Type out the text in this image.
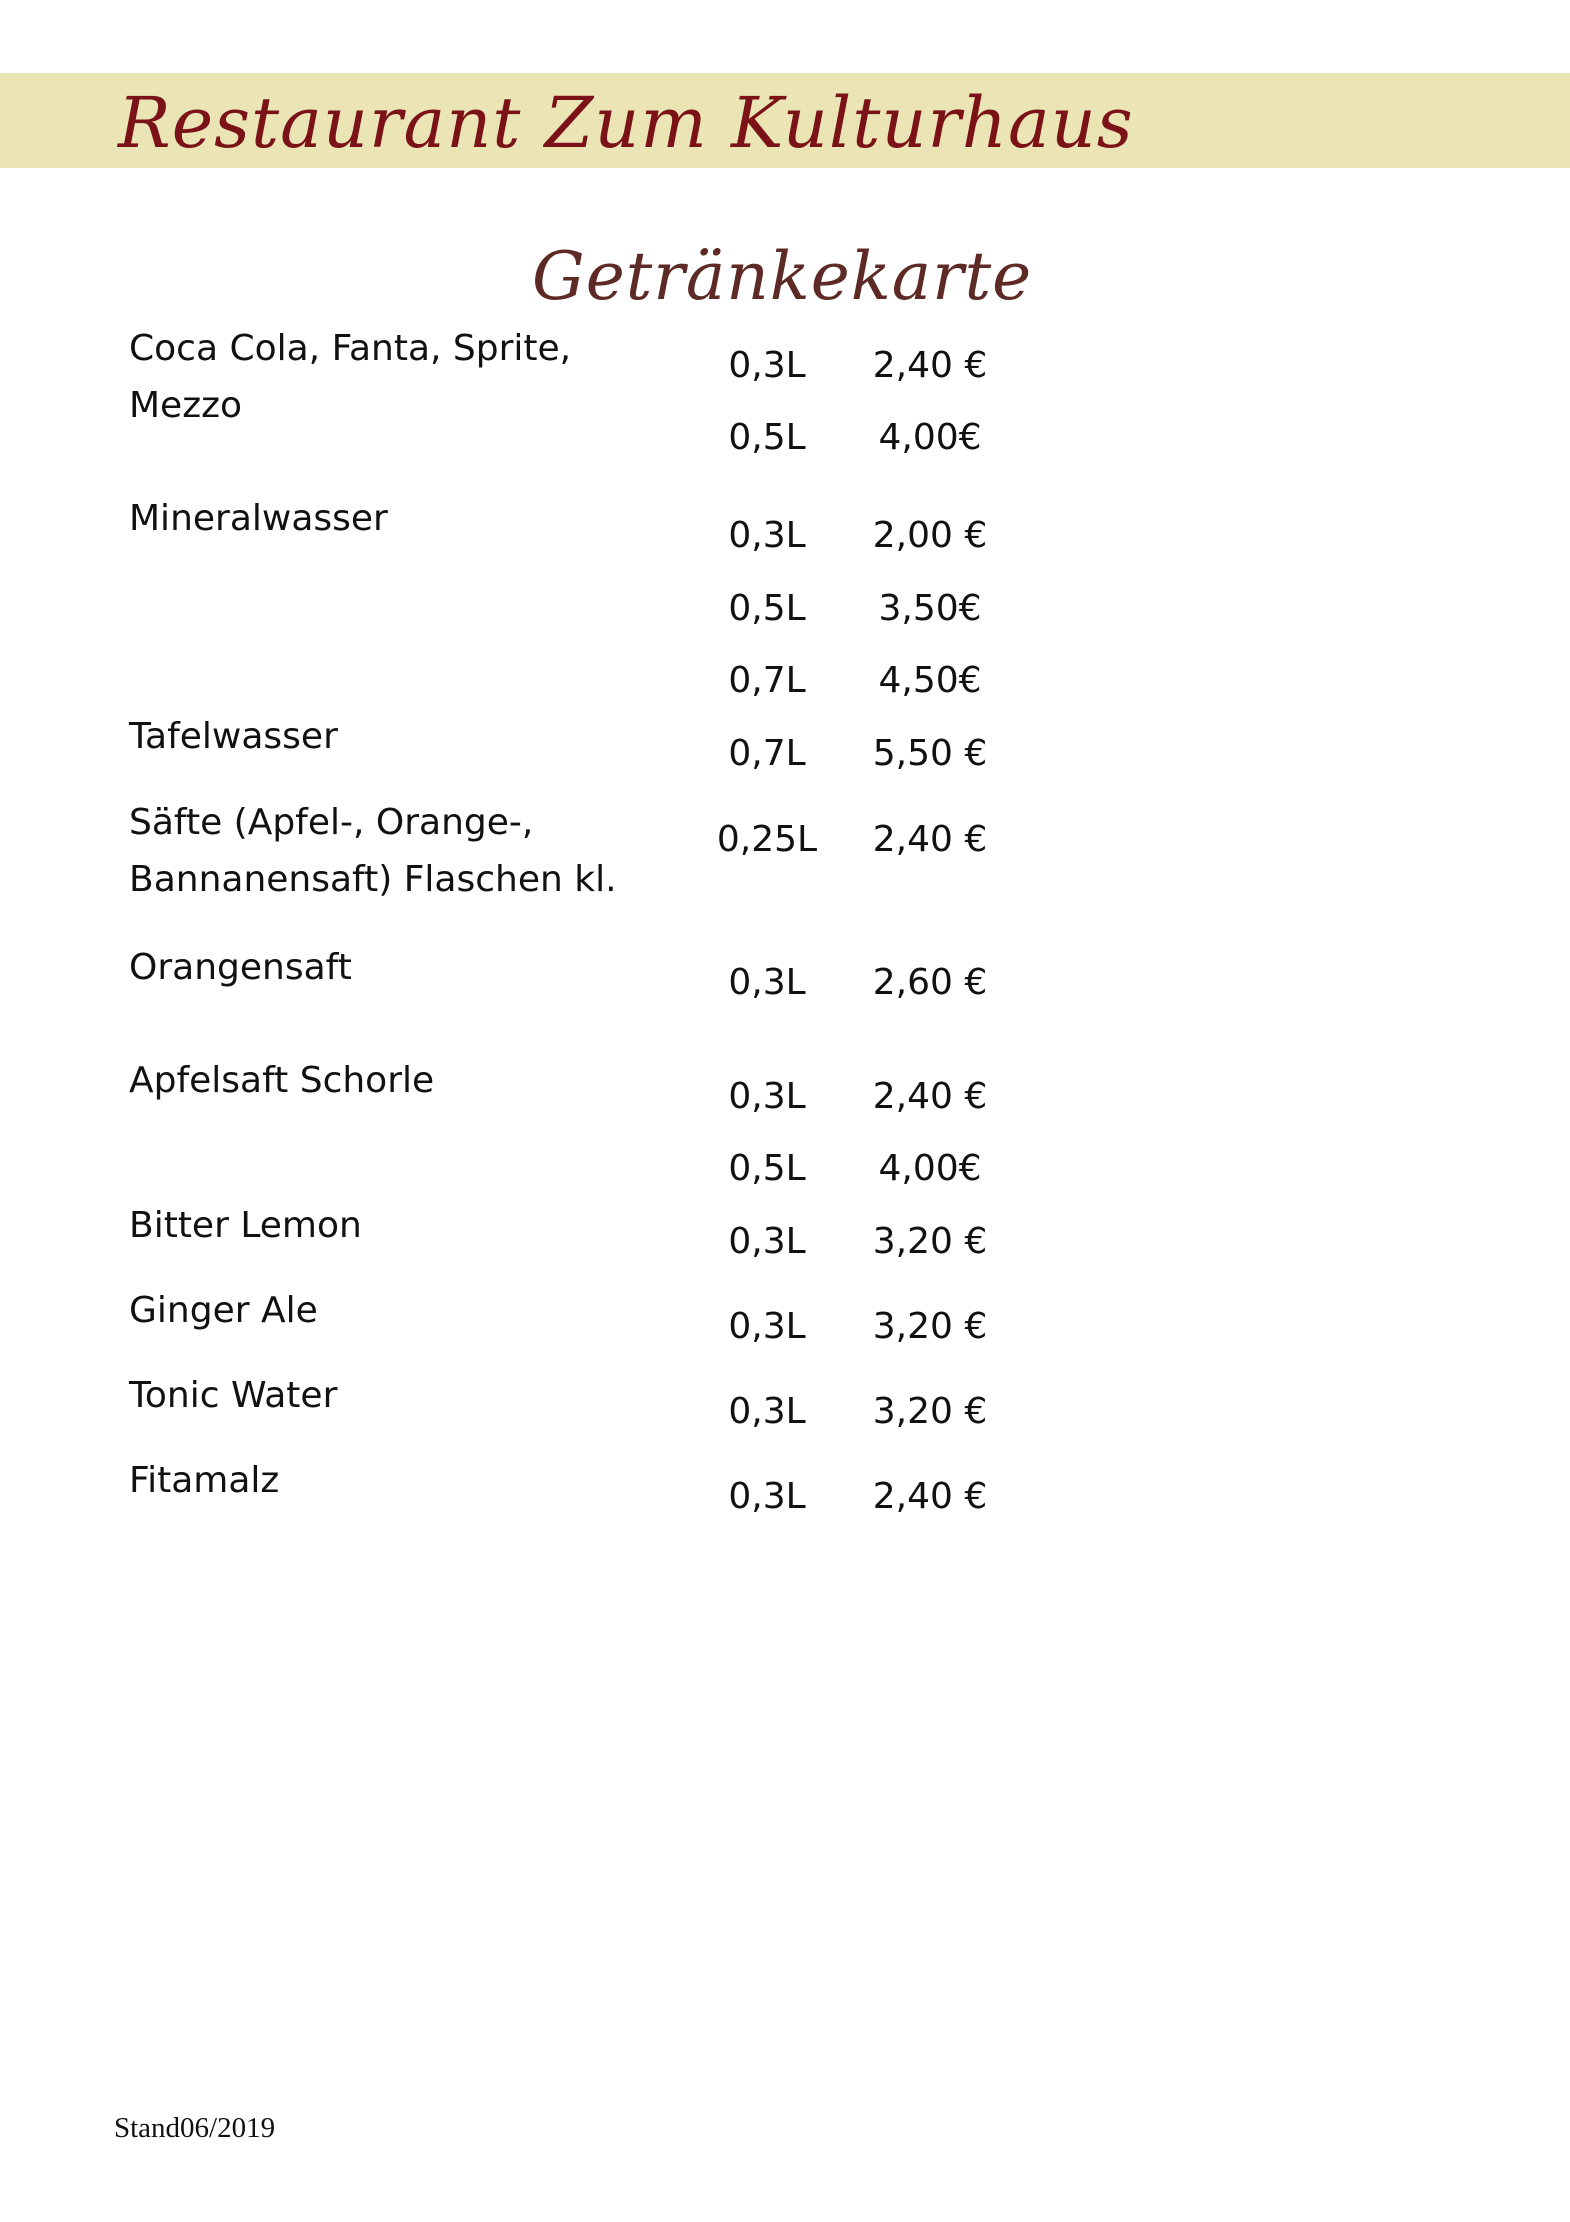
Restaurant Zum Kulturhaus
Getränkekarte
Coca Cola, Fanta, Sprite,
Mezzo
0,3L	2,40 €
0,5L	4,00€
Mineralwasser	0,3L	2,00 €
0,5L	3,50€
0,7L	4,50€
Tafelwasser	0,7L	5,50 €
Säfte (Apfel-, Orange-,
Bannanensaft) Flaschen kl.
0,25L	2,40 €
Orangensaft	0,3L	2,60 €
Apfelsaft Schorle	0,3L	2,40 €
0,5L	4,00€
Bitter Lemon	0,3L	3,20 €
Ginger Ale	0,3L	3,20 €
Tonic Water	0,3L	3,20 €
Fitamalz	0,3L	2,40 €
Stand06/2019
